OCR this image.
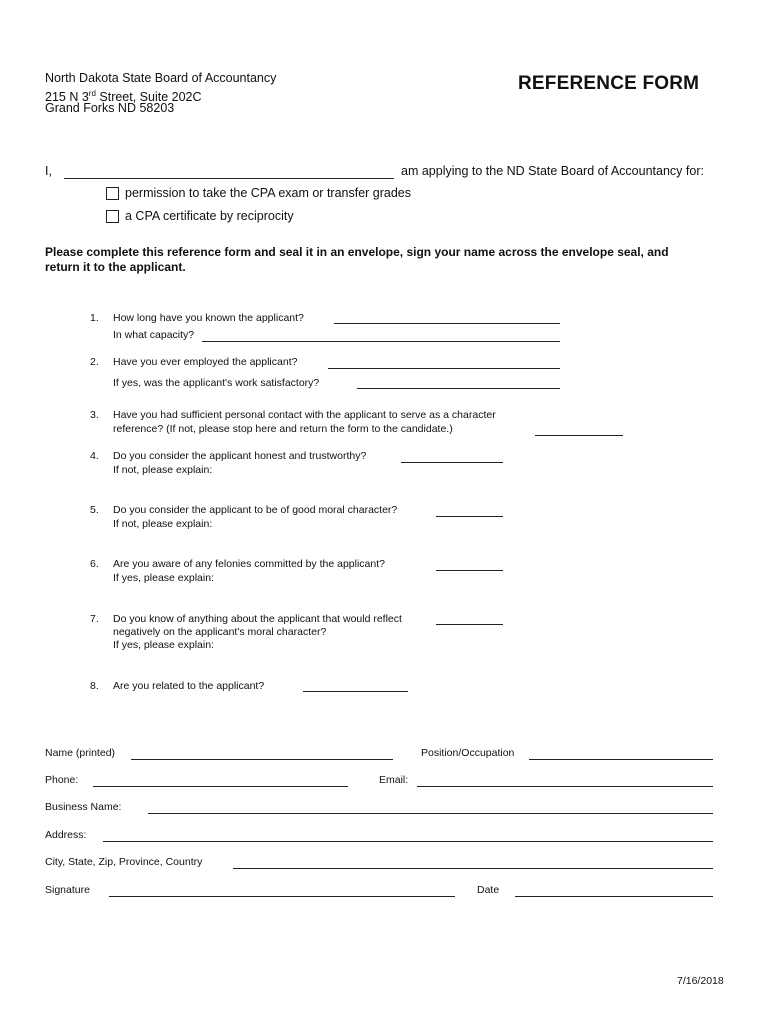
North Dakota State Board of Accountancy
215 N 3rd Street, Suite 202C
Grand Forks ND 58203
REFERENCE FORM
I,	am applying to the ND State Board of Accountancy for:
permission to take the CPA exam or transfer grades
a CPA certificate by reciprocity
Please complete this reference form and seal it in an envelope, sign your name across the envelope seal, and
return it to the applicant.
1. How long have you known the applicant?
In what capacity?
2. Have you ever employed the applicant?
If yes, was the applicant's work satisfactory?
3. Have you had sufficient personal contact with the applicant to serve as a character
reference? (If not, please stop here and return the form to the candidate.)
4. Do you consider the applicant honest and trustworthy?
If not, please explain:
5. Do you consider the applicant to be of good moral character?
If not, please explain:
6. Are you aware of any felonies committed by the applicant?
If yes, please explain:
7. Do you know of anything about the applicant that would reflect
negatively on the applicant's moral character?
If yes, please explain:
8. Are you related to the applicant?
Name (printed)	Position/Occupation
Phone:	Email:
Business Name:
Address:
City, State, Zip, Province, Country
Signature	Date
7/16/2018
